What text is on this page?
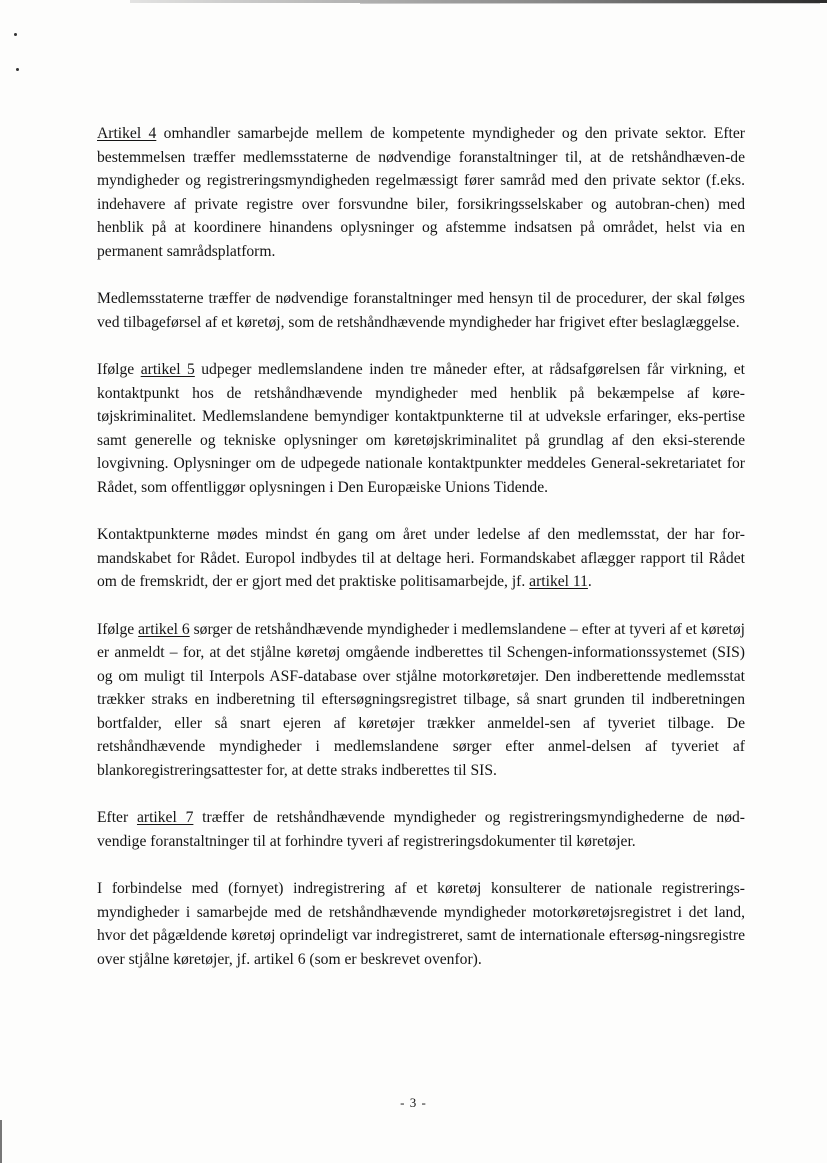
Artikel 4 omhandler samarbejde mellem de kompetente myndigheder og den private sektor. Efter bestemmelsen træffer medlemsstaterne de nødvendige foranstaltninger til, at de retshåndhæven-de myndigheder og registreringsmyndigheden regelmæssigt fører samråd med den private sektor (f.eks. indehavere af private registre over forsvundne biler, forsikringsselskaber og autobran-chen) med henblik på at koordinere hinandens oplysninger og afstemme indsatsen på området, helst via en permanent samrådsplatform.

Medlemsstaterne træffer de nødvendige foranstaltninger med hensyn til de procedurer, der skal følges ved tilbageførsel af et køretøj, som de retshåndhævende myndigheder har frigivet efter beslaglæggelse.

Ifølge artikel 5 udpeger medlemslandene inden tre måneder efter, at rådsafgørelsen får virkning, et kontaktpunkt hos de retshåndhævende myndigheder med henblik på bekæmpelse af køre-tøjskriminalitet. Medlemslandene bemyndiger kontaktpunkterne til at udveksle erfaringer, eks-pertise samt generelle og tekniske oplysninger om køretøjskriminalitet på grundlag af den eksi-sterende lovgivning. Oplysninger om de udpegede nationale kontaktpunkter meddeles General-sekretariatet for Rådet, som offentliggør oplysningen i Den Europæiske Unions Tidende.

Kontaktpunkterne mødes mindst én gang om året under ledelse af den medlemsstat, der har for-mandskabet for Rådet. Europol indbydes til at deltage heri. Formandskabet aflægger rapport til Rådet om de fremskridt, der er gjort med det praktiske politisamarbejde, jf. artikel 11.

Ifølge artikel 6 sørger de retshåndhævende myndigheder i medlemslandene – efter at tyveri af et køretøj er anmeldt – for, at det stjålne køretøj omgående indberettes til Schengen-informationssystemet (SIS) og om muligt til Interpols ASF-database over stjålne motorkøretøjer. Den indberettende medlemsstat trækker straks en indberetning til eftersøgningsregistret tilbage, så snart grunden til indberetningen bortfalder, eller så snart ejeren af køretøjer trækker anmeldel-sen af tyveriet tilbage. De retshåndhævende myndigheder i medlemslandene sørger efter anmel-delsen af tyveriet af blankoregistreringsattester for, at dette straks indberettes til SIS.

Efter artikel 7 træffer de retshåndhævende myndigheder og registreringsmyndighederne de nød-vendige foranstaltninger til at forhindre tyveri af registreringsdokumenter til køretøjer.

I forbindelse med (fornyet) indregistrering af et køretøj konsulterer de nationale registrerings-myndigheder i samarbejde med de retshåndhævende myndigheder motorkøretøjsregistret i det land, hvor det pågældende køretøj oprindeligt var indregistreret, samt de internationale eftersøg-ningsregistre over stjålne køretøjer, jf. artikel 6 (som er beskrevet ovenfor).

- 3 -
